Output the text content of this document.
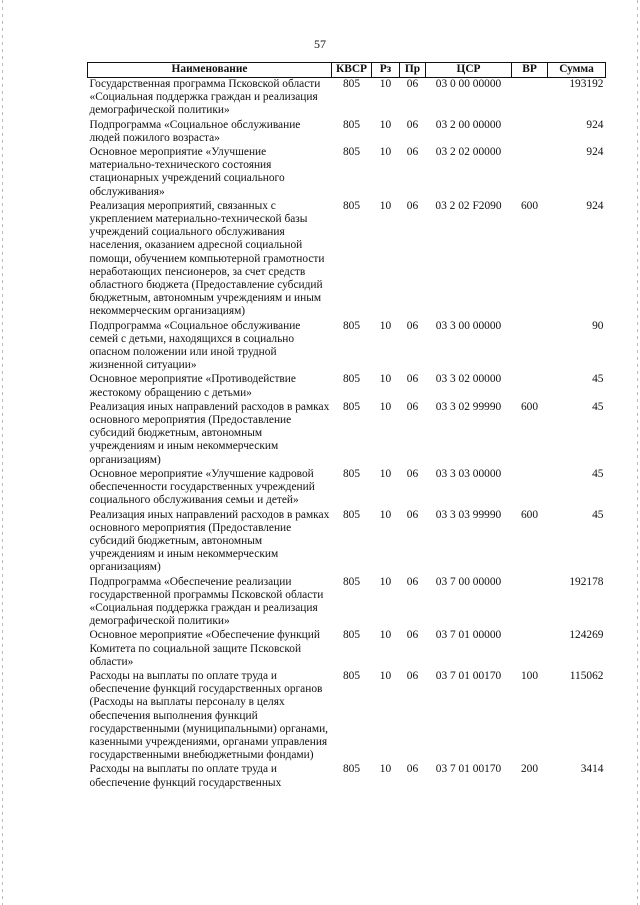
57
Наименование	КВСР	Рз	Пр	ЦСР	ВР	Сумма
Государственная программа Псковской области «Социальная поддержка граждан и реализация демографической политики»	805	10	06	03 0 00 00000		193192
Подпрограмма «Социальное обслуживание людей пожилого возраста»	805	10	06	03 2 00 00000		924
Основное мероприятие «Улучшение материально-технического состояния стационарных учреждений социального обслуживания»	805	10	06	03 2 02 00000		924
Реализация мероприятий, связанных с укреплением материально-технической базы учреждений социального обслуживания населения, оказанием адресной социальной помощи, обучением компьютерной грамотности неработающих пенсионеров, за счет средств областного бюджета (Предоставление субсидий бюджетным, автономным учреждениям и иным некоммерческим организациям)	805	10	06	03 2 02 F2090	600	924
Подпрограмма «Социальное обслуживание семей с детьми, находящихся в социально опасном положении или иной трудной жизненной ситуации»	805	10	06	03 3 00 00000		90
Основное мероприятие «Противодействие жестокому обращению с детьми»	805	10	06	03 3 02 00000		45
Реализация иных направлений расходов в рамках основного мероприятия (Предоставление субсидий бюджетным, автономным учреждениям и иным некоммерческим организациям)	805	10	06	03 3 02 99990	600	45
Основное мероприятие «Улучшение кадровой обеспеченности государственных учреждений социального обслуживания семьи и детей»	805	10	06	03 3 03 00000		45
Реализация иных направлений расходов в рамках основного мероприятия (Предоставление субсидий бюджетным, автономным учреждениям и иным некоммерческим организациям)	805	10	06	03 3 03 99990	600	45
Подпрограмма «Обеспечение реализации государственной программы Псковской области «Социальная поддержка граждан и реализация демографической политики»	805	10	06	03 7 00 00000		192178
Основное мероприятие «Обеспечение функций Комитета по социальной защите Псковской области»	805	10	06	03 7 01 00000		124269
Расходы на выплаты по оплате труда и обеспечение функций государственных органов (Расходы на выплаты персоналу в целях обеспечения выполнения функций государственными (муниципальными) органами, казенными учреждениями, органами управления государственными внебюджетными фондами)	805	10	06	03 7 01 00170	100	115062
Расходы на выплаты по оплате труда и обеспечение функций государственных	805	10	06	03 7 01 00170	200	3414
